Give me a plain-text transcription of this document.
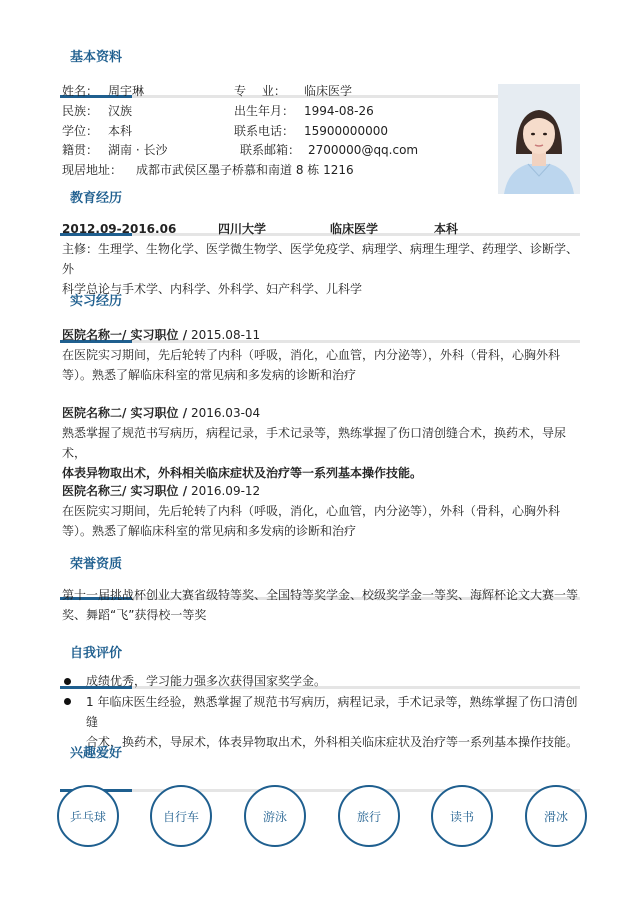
基本资料
姓名： 周宇琳	专　 业： 临床医学
民族： 汉族	出生年月： 1994-08-26
学位： 本科	联系电话： 15900000000
籍贯： 湖南 · 长沙	联系邮箱： 2700000@qq.com
现居地址： 成都市武侯区墨子桥慕和南道 8 栋 1216
教育经历
2012.09-2016.06	四川大学	临床医学	本科
主修：生理学、生物化学、医学微生物学、医学免疫学、病理学、病理生理学、药理学、诊断学、外
科学总论与手术学、内科学、外科学、妇产科学、儿科学
实习经历
医院名称一/ 实习职位 / 2015.08-11
在医院实习期间，先后轮转了内科（呼吸，消化，心血管，内分泌等），外科（骨科，心胸外科
等）。熟悉了解临床科室的常见病和多发病的诊断和治疗
医院名称二/ 实习职位 / 2016.03-04
熟悉掌握了规范书写病历，病程记录，手术记录等，熟练掌握了伤口清创缝合术，换药术，导尿术，
体表异物取出术，外科相关临床症状及治疗等一系列基本操作技能。
医院名称三/ 实习职位 / 2016.09-12
在医院实习期间，先后轮转了内科（呼吸，消化，心血管，内分泌等），外科（骨科，心胸外科
等）。熟悉了解临床科室的常见病和多发病的诊断和治疗
荣誉资质
第十一届挑战杯创业大赛省级特等奖、全国特等奖学金、校级奖学金一等奖、海辉杯论文大赛一等
奖、舞蹈“飞”获得校一等奖
自我评价
成绩优秀，学习能力强多次获得国家奖学金。
1 年临床医生经验，熟悉掌握了规范书写病历，病程记录，手术记录等，熟练掌握了伤口清创缝
合术，换药术，导尿术，体表异物取出术，外科相关临床症状及治疗等一系列基本操作技能。
兴趣爱好
乒乓球	自行车	游泳	旅行	读书	滑冰
